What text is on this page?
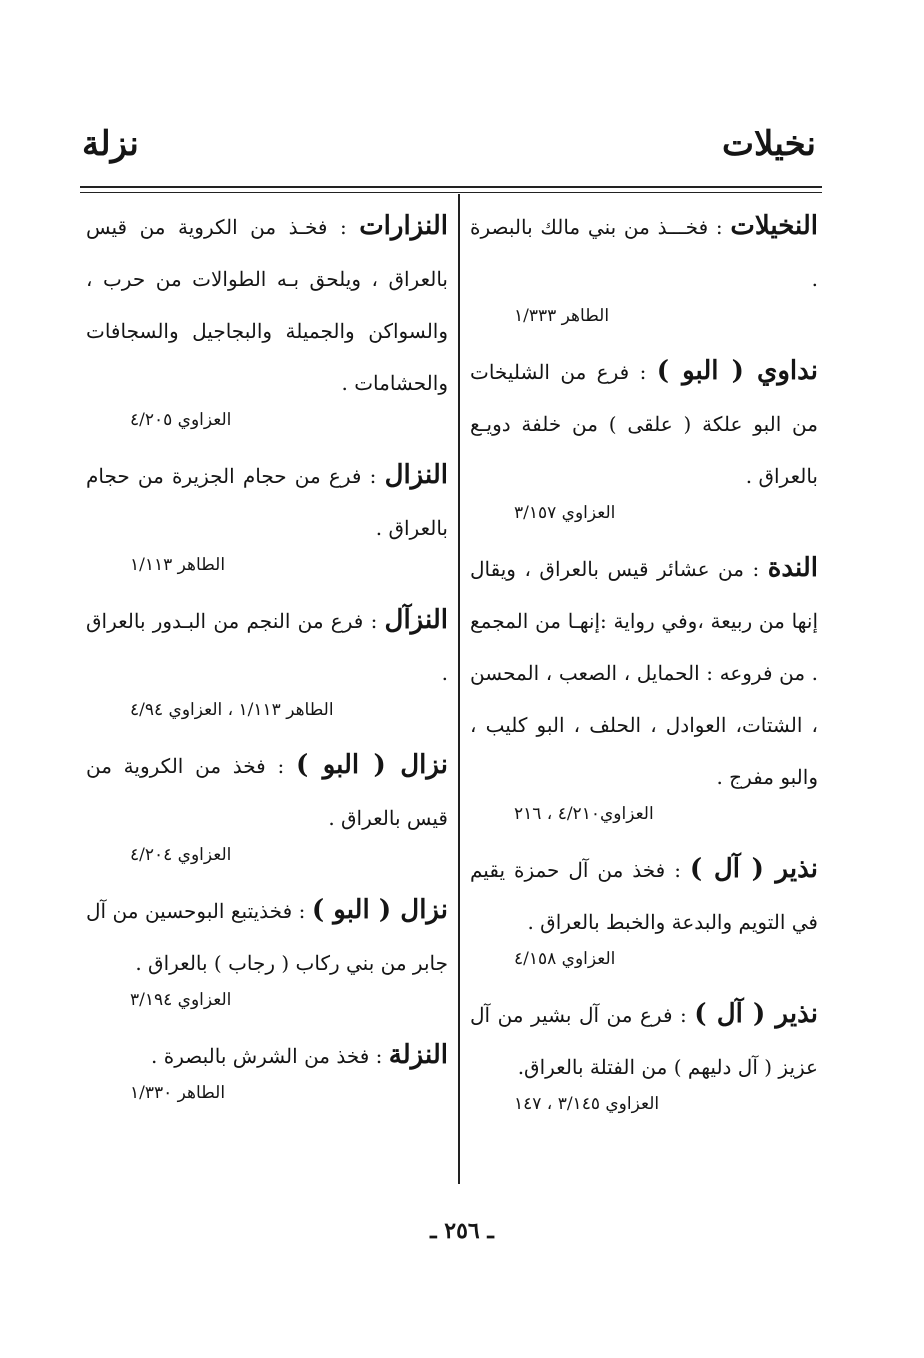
نخيلات
نزلة
النخيلات : فخـــذ من بني مالك بالبصرة .
الطاهر ١/٣٣٣
نداوي ( البو ) : فرع من الشليخات من البو علكة ( علقى ) من خلفة دويـع بالعراق .
العزاوي ٣/١٥٧
الندة : من عشائر قيس بالعراق ، ويقال إنها من ربيعة ،وفي رواية :إنهـا من المجمع . من فروعه : الحمايل ، الصعب ، المحسن ، الشتات، العوادل ، الحلف ، البو كليب ، والبو مفرج .
العزاوي٤/٢١٠ ، ٢١٦
نذير ( آل ) : فخذ من آل حمزة يقيم في التويم والبدعة والخبط بالعراق .
العزاوي ٤/١٥٨
نذير ( آل ) : فرع من آل بشير من آل عزيز ( آل دليهم ) من الفتلة بالعراق.
العزاوي ٣/١٤٥ ، ١٤٧
النزارات : فخـذ من الكروية من قيس بالعراق ، ويلحق بـه الطوالات من حرب ، والسواكن والجميلة والبجاجيل والسجافات والحشامات .
العزاوي ٤/٢٠٥
النزال : فرع من حجام الجزيرة من حجام بالعراق .
الطاهر ١/١١٣
النزآل : فرع من النجم من البـدور بالعراق .
الطاهر ١/١١٣ ، العزاوي ٤/٩٤
نزال ( البو ) : فخذ من الكروية من قيس بالعراق .
العزاوي ٤/٢٠٤
نزال ( البو ) : فخذيتبع البوحسين من آل جابر من بني ركاب ( رجاب ) بالعراق .
العزاوي ٣/١٩٤
النزلة : فخذ من الشرش بالبصرة .
الطاهر ١/٣٣٠
ـ ٢٥٦ ـ
